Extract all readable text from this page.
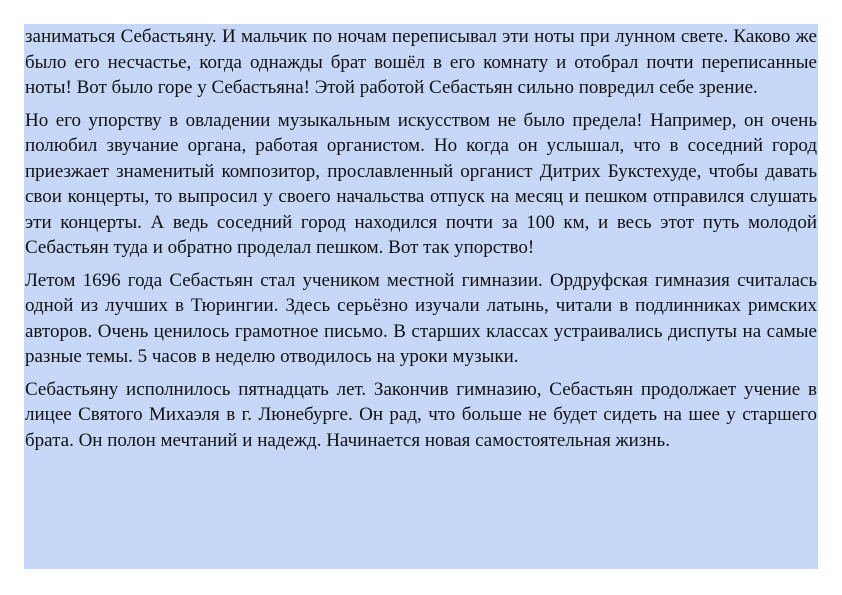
заниматься Себастьяну. И мальчик по ночам переписывал эти ноты при лунном свете. Каково же было его несчастье, когда однажды брат вошёл в его комнату и отобрал почти переписанные ноты! Вот было горе у Себастьяна! Этой работой Себастьян сильно повредил себе зрение.

Но его упорству в овладении музыкальным искусством не было предела! Например, он очень полюбил звучание органа, работая органистом. Но когда он услышал, что в соседний город приезжает знаменитый композитор, прославленный органист Дитрих Букстехуде, чтобы давать свои концерты, то выпросил у своего начальства отпуск на месяц и пешком отправился слушать эти концерты. А ведь соседний город находился почти за 100 км, и весь этот путь молодой Себастьян туда и обратно проделал пешком. Вот так упорство!

Летом 1696 года Себастьян стал учеником местной гимназии. Ордруфская гимназия считалась одной из лучших в Тюрингии. Здесь серьёзно изучали латынь, читали в подлинниках римских авторов. Очень ценилось грамотное письмо. В старших классах устраивались диспуты на самые разные темы. 5 часов в неделю отводилось на уроки музыки.

Себастьяну исполнилось пятнадцать лет. Закончив гимназию, Себастьян продолжает учение в лицее Святого Михаэля в г. Люнебурге. Он рад, что больше не будет сидеть на шее у старшего брата. Он полон мечтаний и надежд. Начинается новая самостоятельная жизнь.
